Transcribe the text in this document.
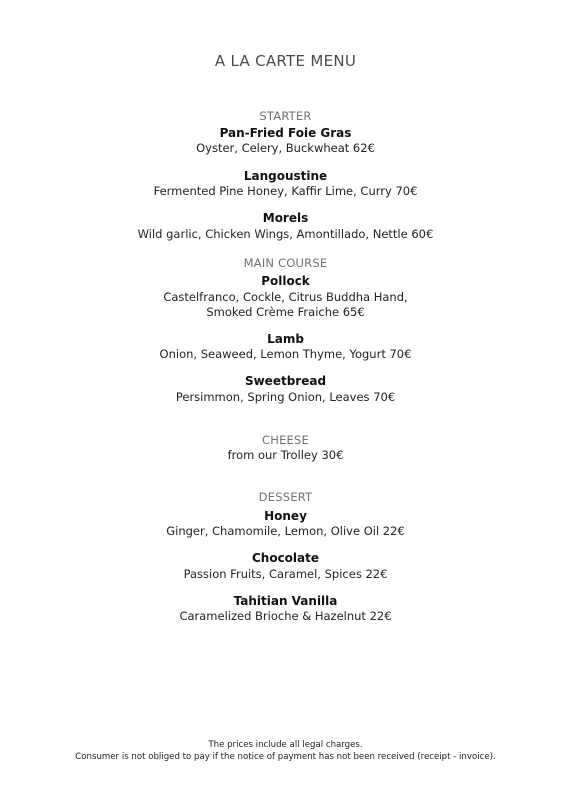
A LA CARTE MENU
STARTER
Pan-Fried Foie Gras
Oyster, Celery, Buckwheat 62€
Langoustine
Fermented Pine Honey, Kaffir Lime, Curry 70€
Morels
Wild garlic, Chicken Wings, Amontillado, Nettle 60€
MAIN COURSE
Pollock
Castelfranco, Cockle, Citrus Buddha Hand,
Smoked Crème Fraiche 65€
Lamb
Onion, Seaweed, Lemon Thyme, Yogurt 70€
Sweetbread
Persimmon, Spring Onion, Leaves 70€
CHEESE
from our Trolley 30€
DESSERT
Honey
Ginger, Chamomile, Lemon, Olive Oil 22€
Chocolate
Passion Fruits, Caramel, Spices 22€
Tahitian Vanilla
Caramelized Brioche & Hazelnut 22€
The prices include all legal charges.
Consumer is not obliged to pay if the notice of payment has not been received (receipt - invoice).
